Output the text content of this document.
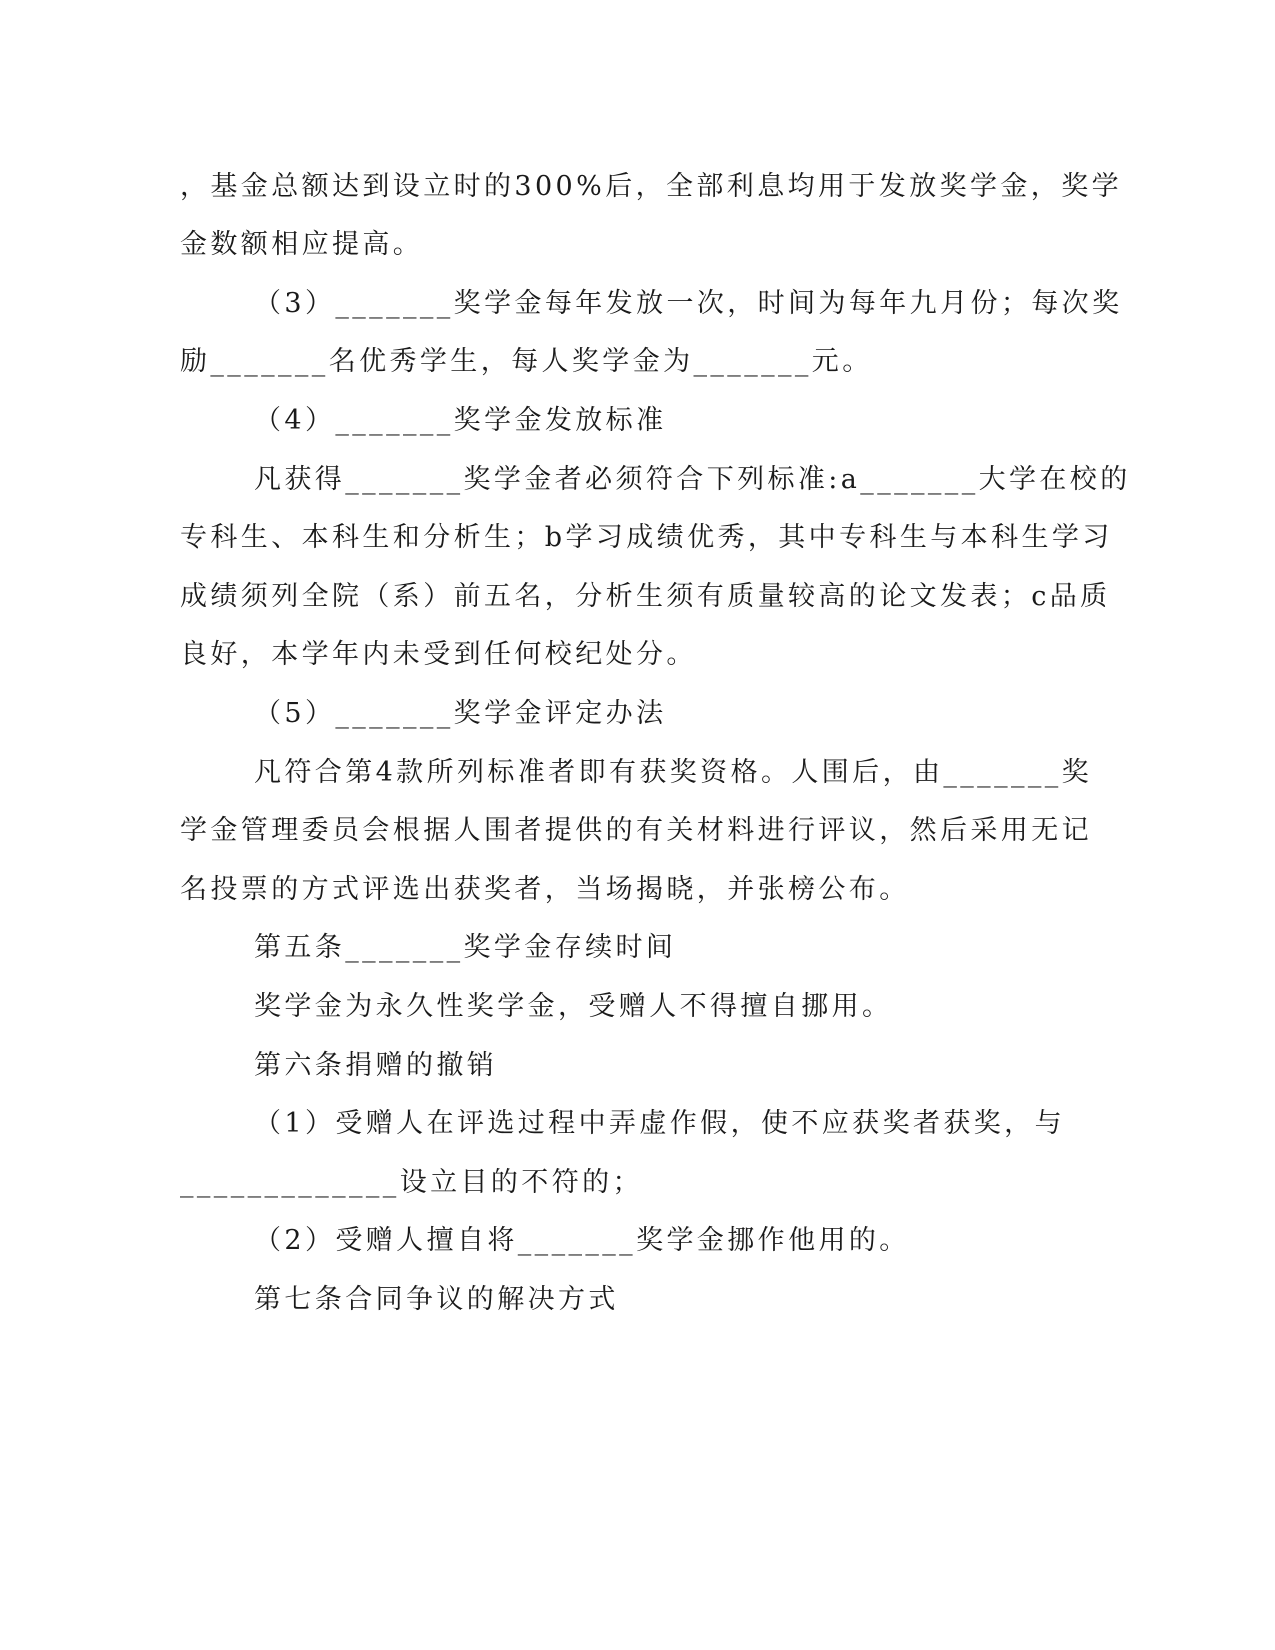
，基金总额达到设立时的300%后，全部利息均用于发放奖学金，奖学
金数额相应提高。
（3）_______奖学金每年发放一次，时间为每年九月份；每次奖
励_______名优秀学生，每人奖学金为_______元。
（4）_______奖学金发放标准
凡获得_______奖学金者必须符合下列标准:a_______大学在校的
专科生、本科生和分析生；b学习成绩优秀，其中专科生与本科生学习
成绩须列全院（系）前五名，分析生须有质量较高的论文发表；c品质
良好，本学年内未受到任何校纪处分。
（5）_______奖学金评定办法
凡符合第4款所列标准者即有获奖资格。人围后，由_______奖
学金管理委员会根据人围者提供的有关材料进行评议，然后采用无记
名投票的方式评选出获奖者，当场揭晓，并张榜公布。
第五条_______奖学金存续时间
奖学金为永久性奖学金，受赠人不得擅自挪用。
第六条捐赠的撤销
（1）受赠人在评选过程中弄虚作假，使不应获奖者获奖，与
_____________设立目的不符的；
（2）受赠人擅自将_______奖学金挪作他用的。
第七条合同争议的解决方式
